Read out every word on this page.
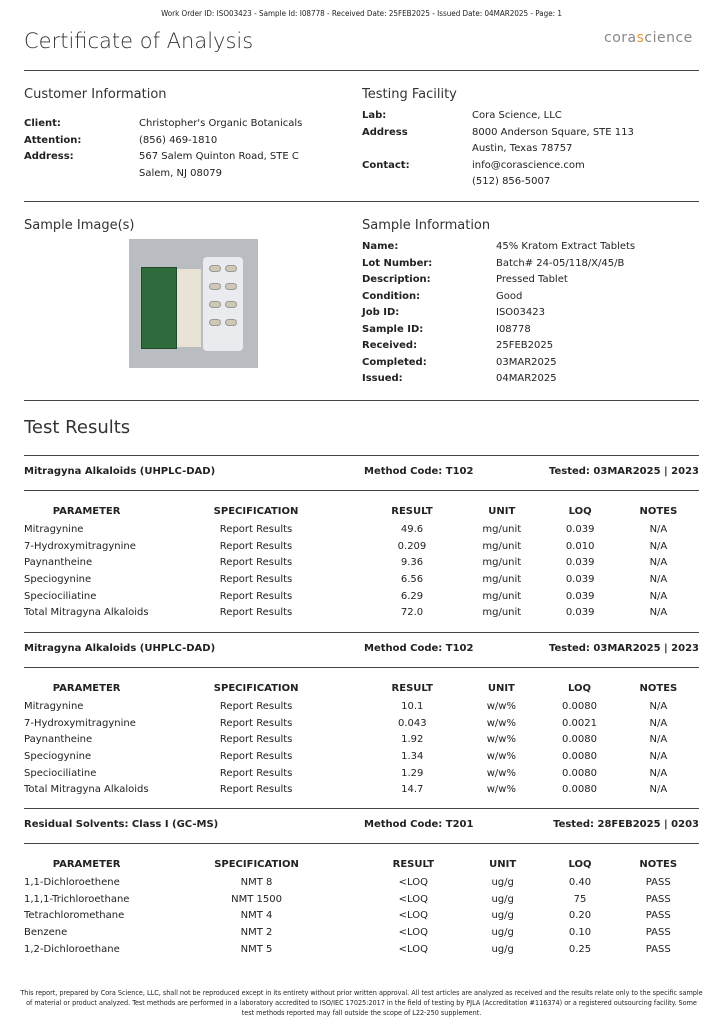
Work Order ID: ISO03423 - Sample Id: I08778 - Received Date: 25FEB2025 - Issued Date: 04MAR2025 - Page: 1
Certificate of Analysis	corascience
Customer Information
Client:	Christopher's Organic Botanicals
Attention:	(856) 469-1810
Address:	567 Salem Quinton Road, STE C
Salem, NJ 08079
Testing Facility
Lab:	Cora Science, LLC
Address	8000 Anderson Square, STE 113
Austin, Texas 78757
Contact:	info@corascience.com
(512) 856-5007
Sample Image(s)	Sample Information
Name:	45% Kratom Extract Tablets
Lot Number:	Batch# 24-05/118/X/45/B
Description:	Pressed Tablet
Condition:	Good
Job ID:	ISO03423
Sample ID:	I08778
Received:	25FEB2025
Completed:	03MAR2025
Issued:	04MAR2025
Test Results
Mitragyna Alkaloids (UHPLC-DAD)	Method Code: T102	Tested: 03MAR2025 | 2023
PARAMETER	SPECIFICATION	RESULT	UNIT	LOQ	NOTES
Mitragynine	Report Results	49.6	mg/unit	0.039	N/A
7-Hydroxymitragynine	Report Results	0.209	mg/unit	0.010	N/A
Paynantheine	Report Results	9.36	mg/unit	0.039	N/A
Speciogynine	Report Results	6.56	mg/unit	0.039	N/A
Speciociliatine	Report Results	6.29	mg/unit	0.039	N/A
Total Mitragyna Alkaloids	Report Results	72.0	mg/unit	0.039	N/A
Mitragyna Alkaloids (UHPLC-DAD)	Method Code: T102	Tested: 03MAR2025 | 2023
PARAMETER	SPECIFICATION	RESULT	UNIT	LOQ	NOTES
Mitragynine	Report Results	10.1	w/w%	0.0080	N/A
7-Hydroxymitragynine	Report Results	0.043	w/w%	0.0021	N/A
Paynantheine	Report Results	1.92	w/w%	0.0080	N/A
Speciogynine	Report Results	1.34	w/w%	0.0080	N/A
Speciociliatine	Report Results	1.29	w/w%	0.0080	N/A
Total Mitragyna Alkaloids	Report Results	14.7	w/w%	0.0080	N/A
Residual Solvents: Class I (GC-MS)	Method Code: T201	Tested: 28FEB2025 | 0203
PARAMETER	SPECIFICATION	RESULT	UNIT	LOQ	NOTES
1,1-Dichloroethene	NMT 8	<LOQ	ug/g	0.40	PASS
1,1,1-Trichloroethane	NMT 1500	<LOQ	ug/g	75	PASS
Tetrachloromethane	NMT 4	<LOQ	ug/g	0.20	PASS
Benzene	NMT 2	<LOQ	ug/g	0.10	PASS
1,2-Dichloroethane	NMT 5	<LOQ	ug/g	0.25	PASS
This report, prepared by Cora Science, LLC, shall not be reproduced except in its entirety without prior written approval. All test articles are analyzed as received and the results relate only to the specific sample of material or product analyzed. Test methods are performed in a laboratory accredited to ISO/IEC 17025:2017 in the field of testing by PJLA (Accreditation #116374) or a registered outsourcing facility. Some test methods reported may fall outside the scope of L22-250 supplement.
